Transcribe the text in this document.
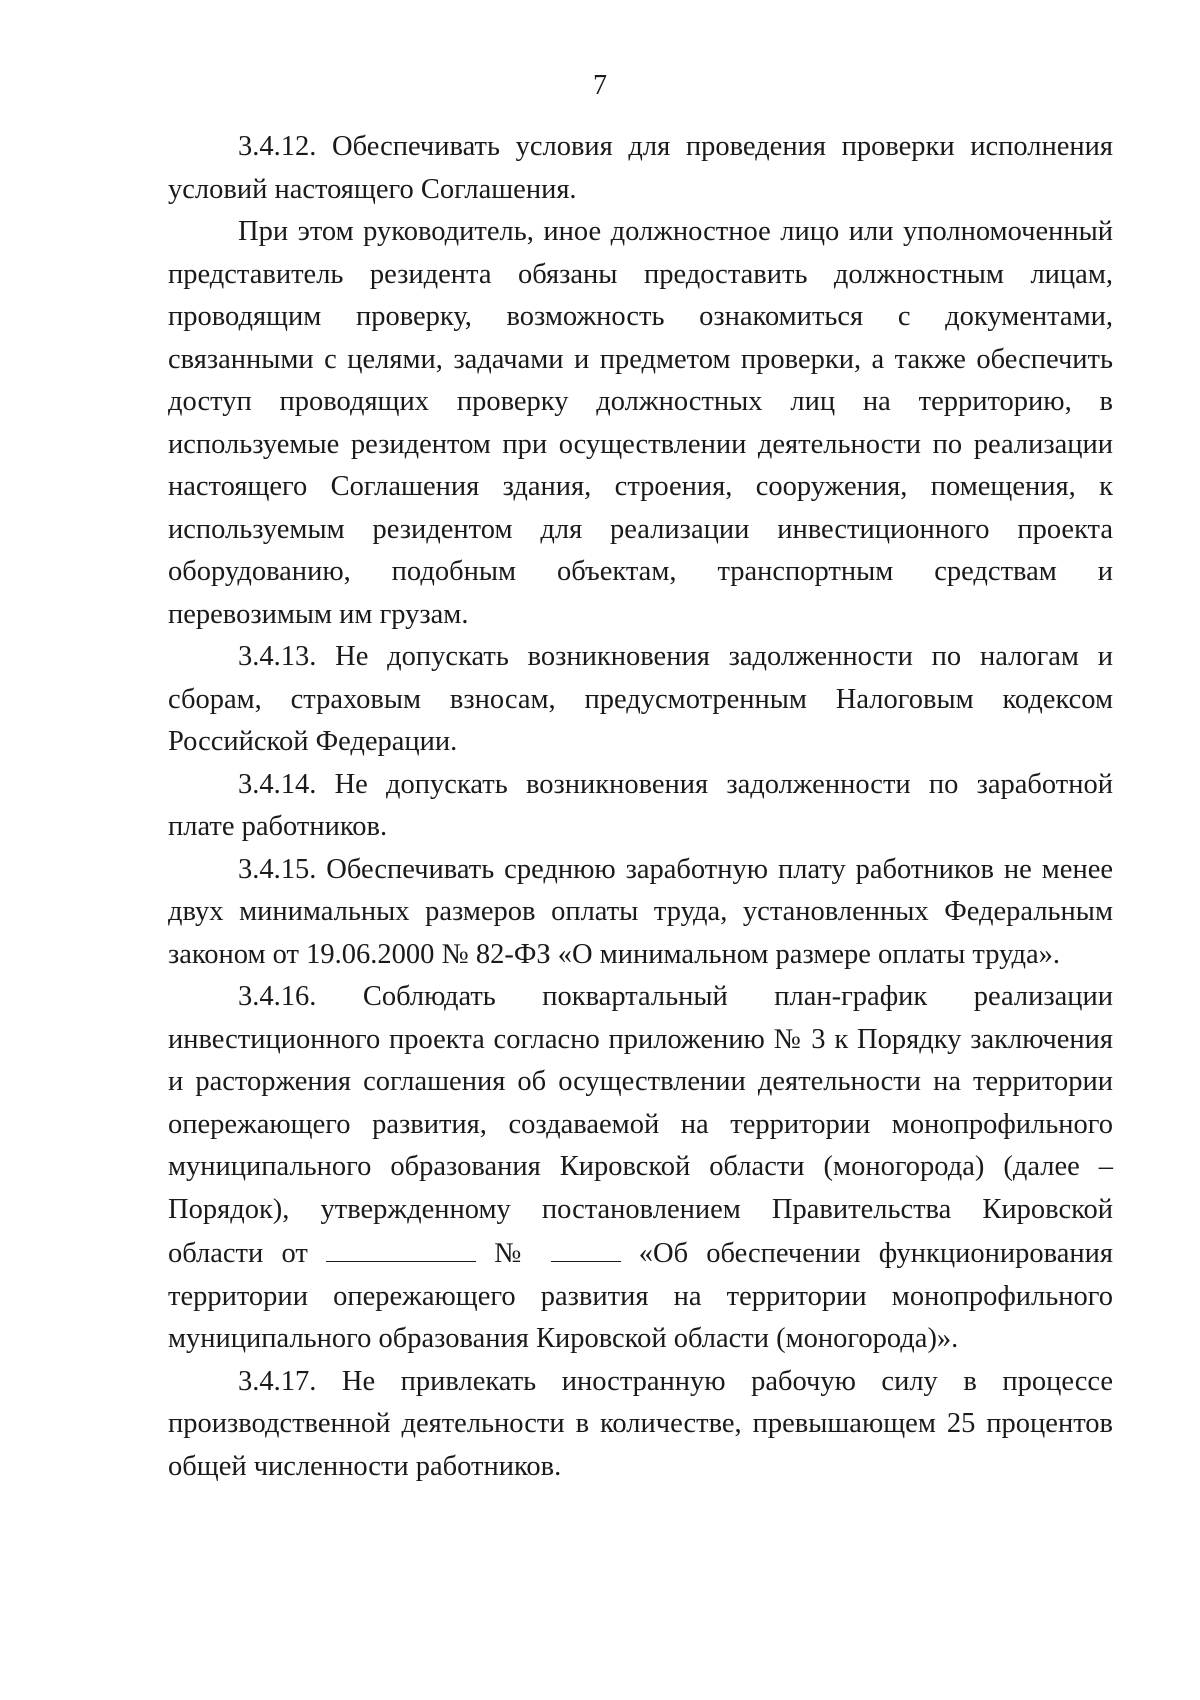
7

3.4.12. Обеспечивать условия для проведения проверки исполнения условий настоящего Соглашения.

При этом руководитель, иное должностное лицо или уполномоченный представитель резидента обязаны предоставить должностным лицам, проводящим проверку, возможность ознакомиться с документами, связанными с целями, задачами и предметом проверки, а также обеспечить доступ проводящих проверку должностных лиц на территорию, в используемые резидентом при осуществлении деятельности по реализации настоящего Соглашения здания, строения, сооружения, помещения, к используемым резидентом для реализации инвестиционного проекта оборудованию, подобным объектам, транспортным средствам и перевозимым им грузам.

3.4.13. Не допускать возникновения задолженности по налогам и сборам, страховым взносам, предусмотренным Налоговым кодексом Российской Федерации.

3.4.14. Не допускать возникновения задолженности по заработной плате работников.

3.4.15. Обеспечивать среднюю заработную плату работников не менее двух минимальных размеров оплаты труда, установленных Федеральным законом от 19.06.2000 № 82-ФЗ «О минимальном размере оплаты труда».

3.4.16. Соблюдать поквартальный план-график реализации инвестиционного проекта согласно приложению № 3 к Порядку заключения и расторжения соглашения об осуществлении деятельности на территории опережающего развития, создаваемой на территории монопрофильного муниципального образования Кировской области (моногорода) (далее – Порядок), утвержденному постановлением Правительства Кировской области от	№	«Об обеспечении функционирования территории опережающего развития на территории монопрофильного муниципального образования Кировской области (моногорода)».

3.4.17. Не привлекать иностранную рабочую силу в процессе производственной деятельности в количестве, превышающем 25 процентов общей численности работников.
